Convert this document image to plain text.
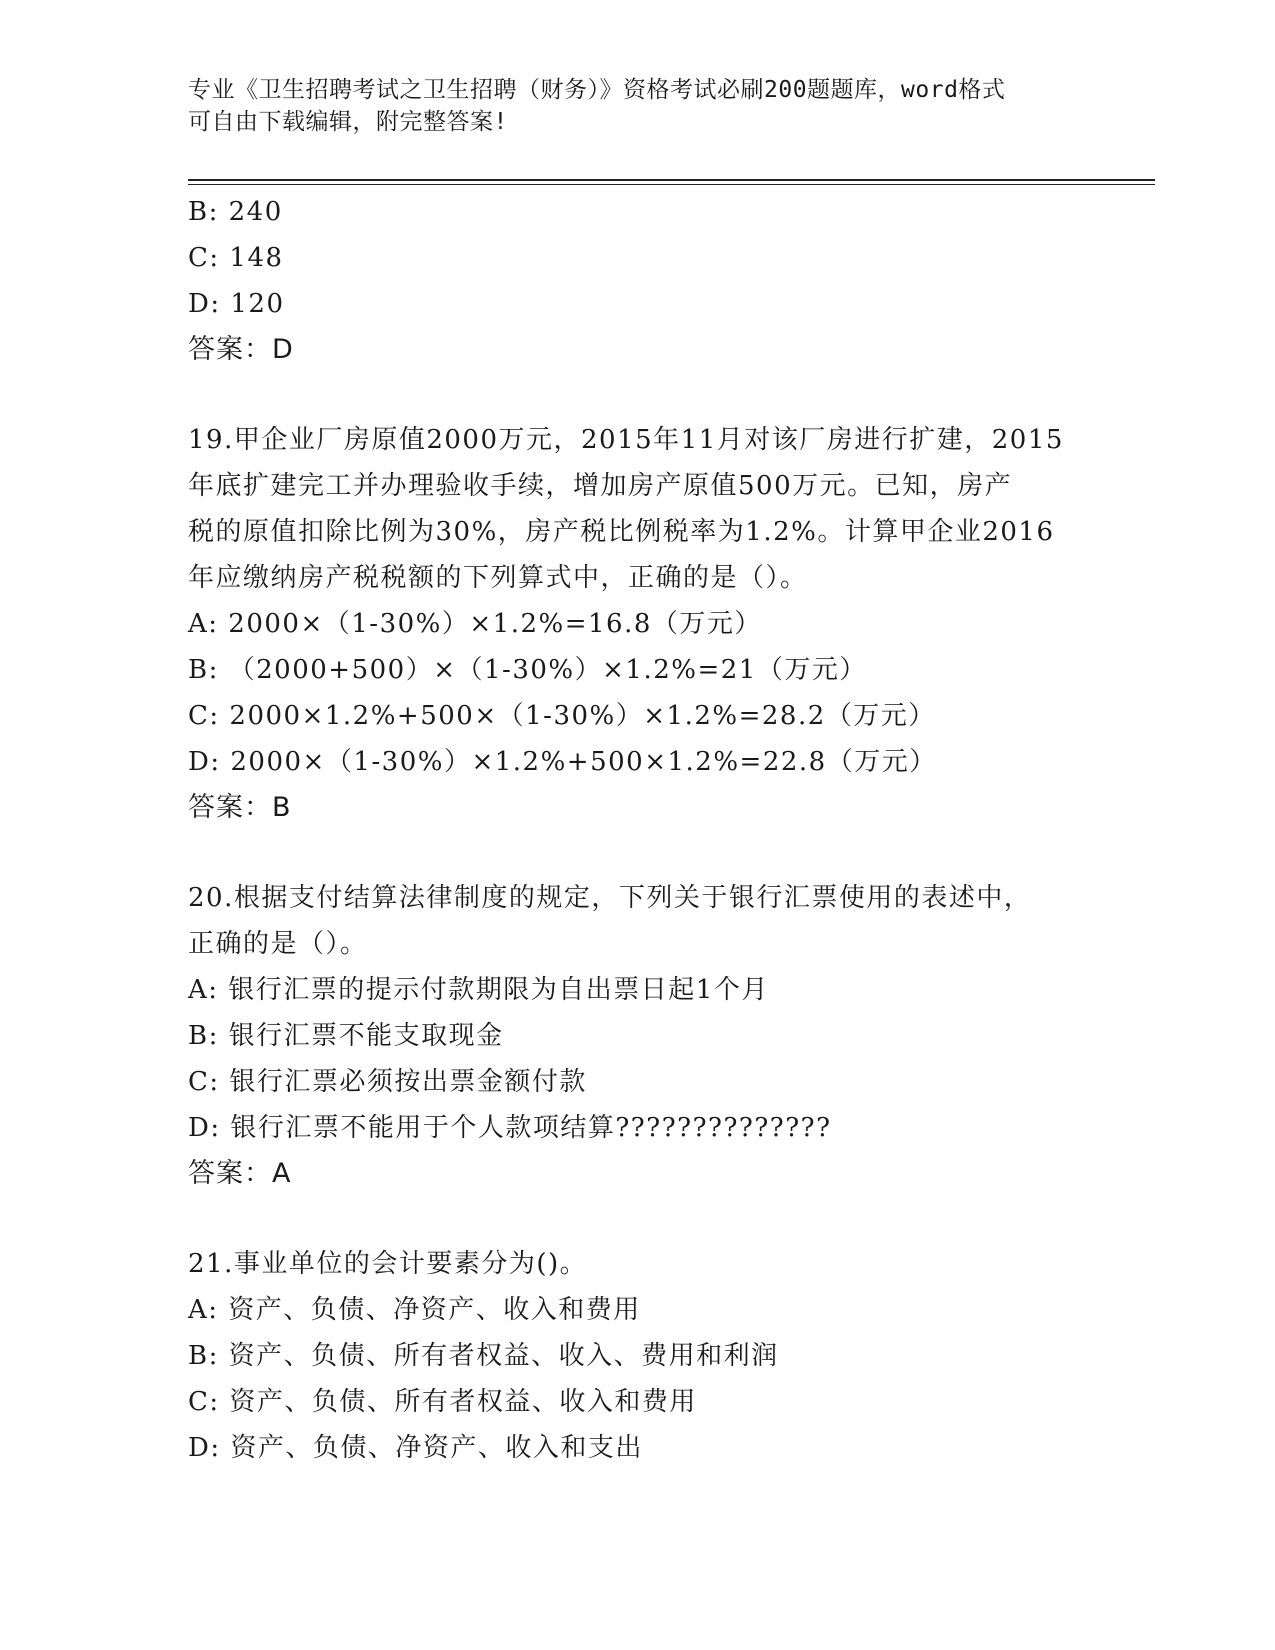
专业《卫生招聘考试之卫生招聘（财务）》资格考试必刷200题题库，word格式
可自由下载编辑，附完整答案!
B: 240
C: 148
D: 120
答案：D
19.甲企业厂房原值2000万元，2015年11月对该厂房进行扩建，2015
年底扩建完工并办理验收手续，增加房产原值500万元。已知，房产
税的原值扣除比例为30%，房产税比例税率为1.2%。计算甲企业2016
年应缴纳房产税税额的下列算式中，正确的是（）。
A: 2000×（1-30%）×1.2%=16.8（万元）
B: （2000+500）×（1-30%）×1.2%=21（万元）
C: 2000×1.2%+500×（1-30%）×1.2%=28.2（万元）
D: 2000×（1-30%）×1.2%+500×1.2%=22.8（万元）
答案：B
20.根据支付结算法律制度的规定，下列关于银行汇票使用的表述中，
正确的是（）。
A: 银行汇票的提示付款期限为自出票日起1个月
B: 银行汇票不能支取现金
C: 银行汇票必须按出票金额付款
D: 银行汇票不能用于个人款项结算??????????????
答案：A
21.事业单位的会计要素分为()。
A: 资产、负债、净资产、收入和费用
B: 资产、负债、所有者权益、收入、费用和利润
C: 资产、负债、所有者权益、收入和费用
D: 资产、负债、净资产、收入和支出
